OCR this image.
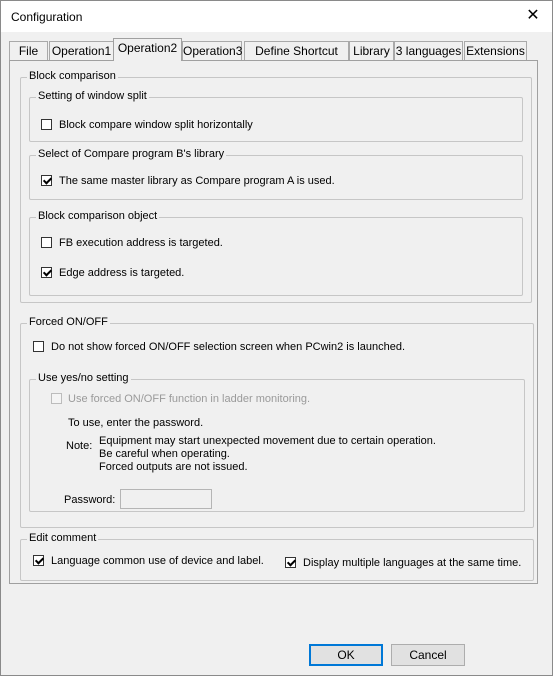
Configuration	✕
File	Operation1 Operation2 Operation3	Define Shortcut	Library 3 languages Extensions
Block comparison
Setting of window split
Block compare window split horizontally
Select of Compare program B's library
The same master library as Compare program A is used.
Block comparison object
FB execution address is targeted.
Edge address is targeted.
Forced ON/OFF
Do not show forced ON/OFF selection screen when PCwin2 is launched.
Use yes/no setting
Use forced ON/OFF function in ladder monitoring.
To use, enter the password.
Note: Equipment may start unexpected movement due to certain operation.
Be careful when operating.
Forced outputs are not issued.
Password:
Edit comment
Language common use of device and label.	Display multiple languages at the same time.
OK	Cancel
